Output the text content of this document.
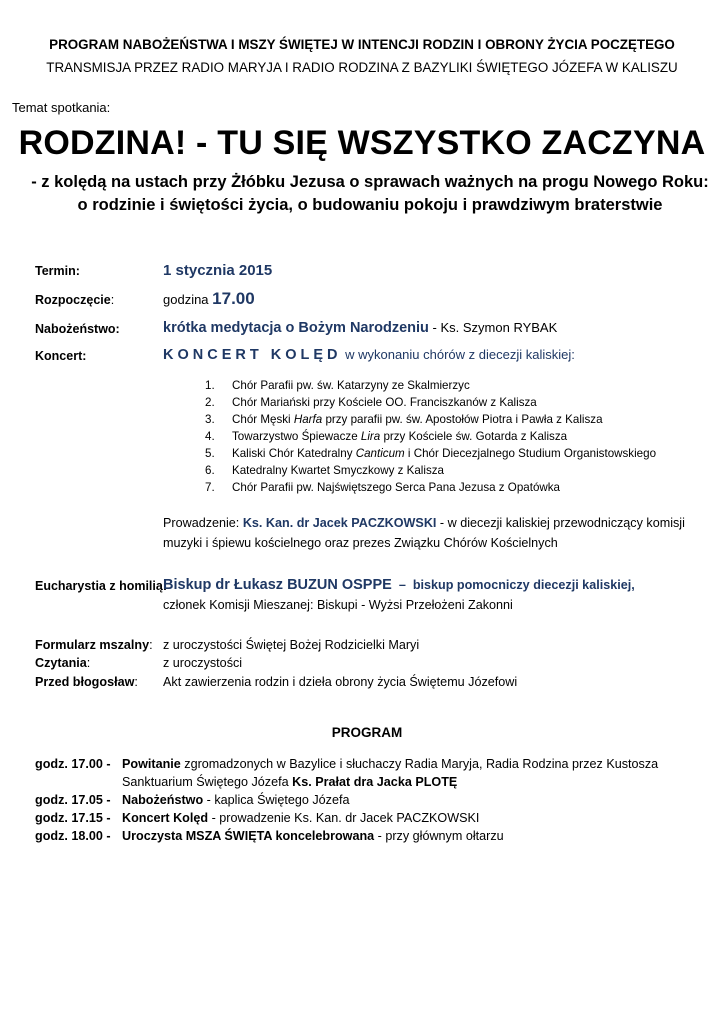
PROGRAM NABOŻEŃSTWA I MSZY ŚWIĘTEJ W INTENCJI RODZIN I OBRONY ŻYCIA POCZĘTEGO
TRANSMISJA PRZEZ RADIO MARYJA I RADIO RODZINA Z BAZYLIKI ŚWIĘTEGO JÓZEFA W KALISZU
Temat spotkania:
RODZINA! - TU SIĘ WSZYSTKO ZACZYNA
- z kolędą na ustach przy Żłóbku Jezusa o sprawach ważnych na progu Nowego Roku:
o rodzinie i świętości życia, o budowaniu pokoju i prawdziwym braterstwie
Termin:	1 stycznia 2015
Rozpoczęcie:	godzina 17.00
Nabożeństwo:	krótka medytacja o Bożym Narodzeniu - Ks. Szymon RYBAK
Koncert:	KONCERT KOLĘD w wykonaniu chórów z diecezji kaliskiej:
1. Chór Parafii pw. św. Katarzyny ze Skalmierzyc
2. Chór Mariański przy Kościele OO. Franciszkanów z Kalisza
3. Chór Męski Harfa przy parafii pw. św. Apostołów Piotra i Pawła z Kalisza
4. Towarzystwo Śpiewacze Lira przy Kościele św. Gotarda z Kalisza
5. Kaliski Chór Katedralny Canticum i Chór Diecezjalnego Studium Organistowskiego
6. Katedralny Kwartet Smyczkowy z Kalisza
7. Chór Parafii pw. Najświętszego Serca Pana Jezusa z Opatówka
Prowadzenie: Ks. Kan. dr Jacek PACZKOWSKI - w diecezji kaliskiej przewodniczący komisji muzyki i śpiewu kościelnego oraz prezes Związku Chórów Kościelnych
Eucharystia z homilią:
Biskup dr Łukasz BUZUN OSPPE  –  biskup pomocniczy diecezji kaliskiej,
członek Komisji Mieszanej: Biskupi - Wyżsi Przełożeni Zakonni
Formularz mszalny: z uroczystości Świętej Bożej Rodzicielki Maryi
Czytania:	z uroczystości
Przed błogosław: Akt zawierzenia rodzin i dzieła obrony życia Świętemu Józefowi
PROGRAM
godz. 17.00 - Powitanie zgromadzonych w Bazylice i słuchaczy Radia Maryja, Radia Rodzina przez Kustosza
Sanktuarium Świętego Józefa Ks. Prałat dra Jacka PLOTĘ
godz. 17.05 - Nabożeństwo - kaplica Świętego Józefa
godz. 17.15 - Koncert Kolęd - prowadzenie Ks. Kan. dr Jacek PACZKOWSKI
godz. 18.00 - Uroczysta MSZA ŚWIĘTA koncelebrowana - przy głównym ołtarzu
